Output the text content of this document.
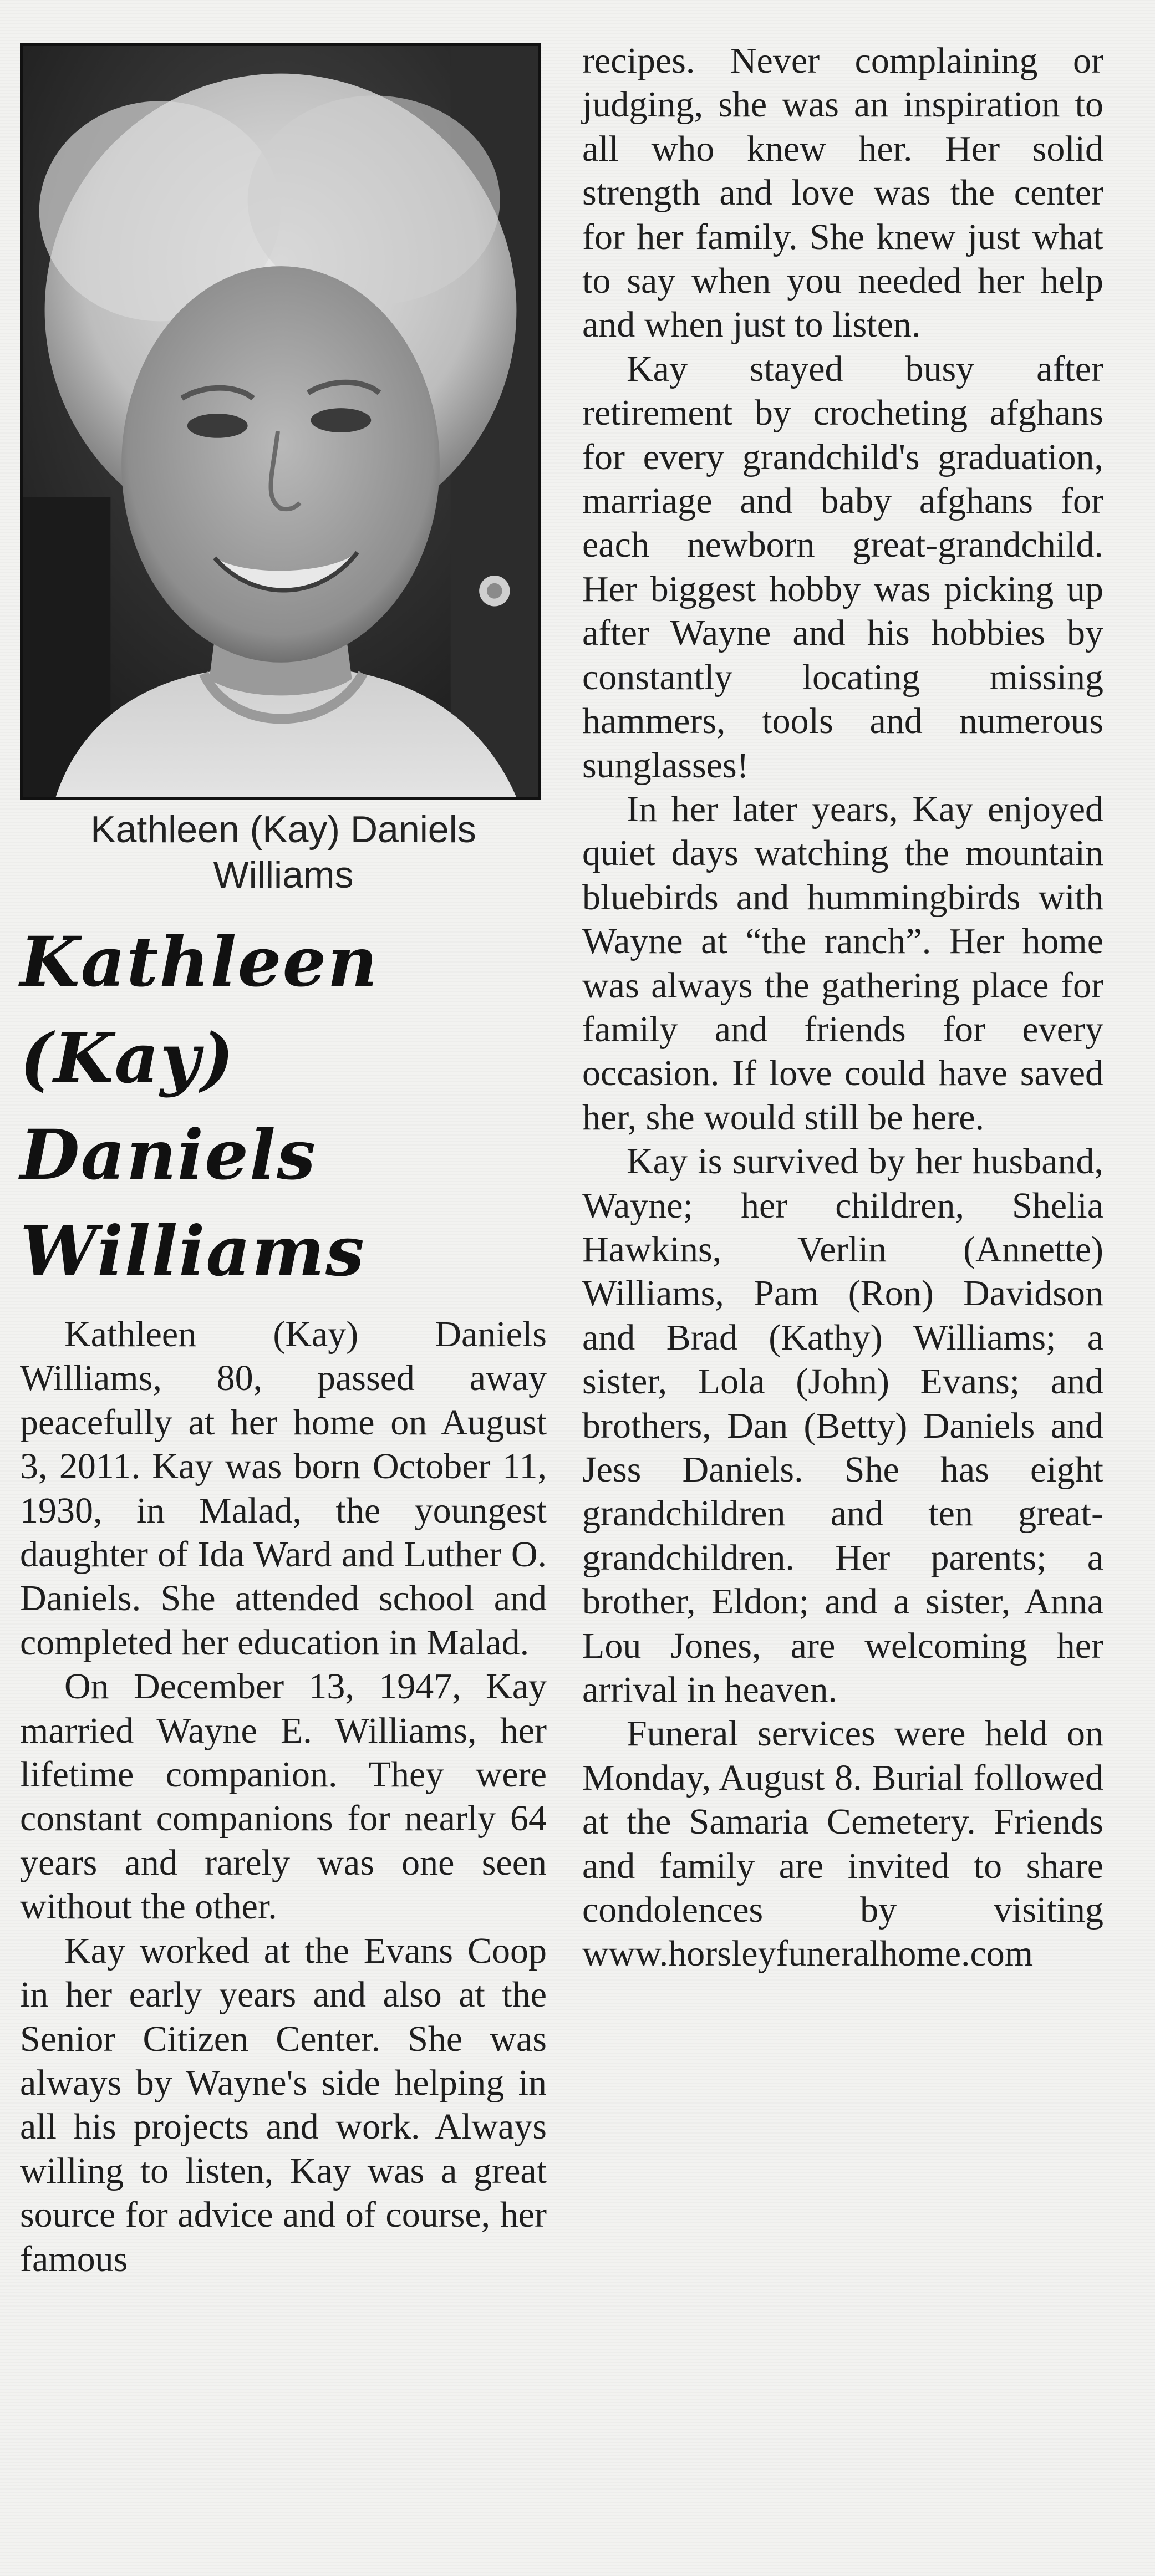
Kathleen (Kay) Daniels Williams
Kathleen
(Kay) Daniels
Williams

Kathleen (Kay) Daniels Williams, 80, passed away peacefully at her home on August 3, 2011. Kay was born October 11, 1930, in Malad, the youngest daughter of Ida Ward and Luther O. Daniels. She attended school and completed her education in Malad.

On December 13, 1947, Kay married Wayne E. Williams, her lifetime companion. They were constant companions for nearly 64 years and rarely was one seen without the other.

Kay worked at the Evans Coop in her early years and also at the Senior Citizen Center. She was always by Wayne's side helping in all his projects and work. Always willing to listen, Kay was a great source for advice and of course, her famous

recipes. Never complaining or judging, she was an inspiration to all who knew her. Her solid strength and love was the center for her family. She knew just what to say when you needed her help and when just to listen.

Kay stayed busy after retirement by crocheting afghans for every grandchild's graduation, marriage and baby afghans for each newborn great-grandchild. Her biggest hobby was picking up after Wayne and his hobbies by constantly locating missing hammers, tools and numerous sunglasses!

In her later years, Kay enjoyed quiet days watching the mountain bluebirds and hummingbirds with Wayne at “the ranch”. Her home was always the gathering place for family and friends for every occasion. If love could have saved her, she would still be here.

Kay is survived by her husband, Wayne; her children, Shelia Hawkins, Verlin (Annette) Williams, Pam (Ron) Davidson and Brad (Kathy) Williams; a sister, Lola (John) Evans; and brothers, Dan (Betty) Daniels and Jess Daniels. She has eight grandchildren and ten great-grandchildren. Her parents; a brother, Eldon; and a sister, Anna Lou Jones, are welcoming her arrival in heaven.

Funeral services were held on Monday, August 8. Burial followed at the Samaria Cemetery. Friends and family are invited to share condolences by visiting www.horsleyfuneralhome.com
